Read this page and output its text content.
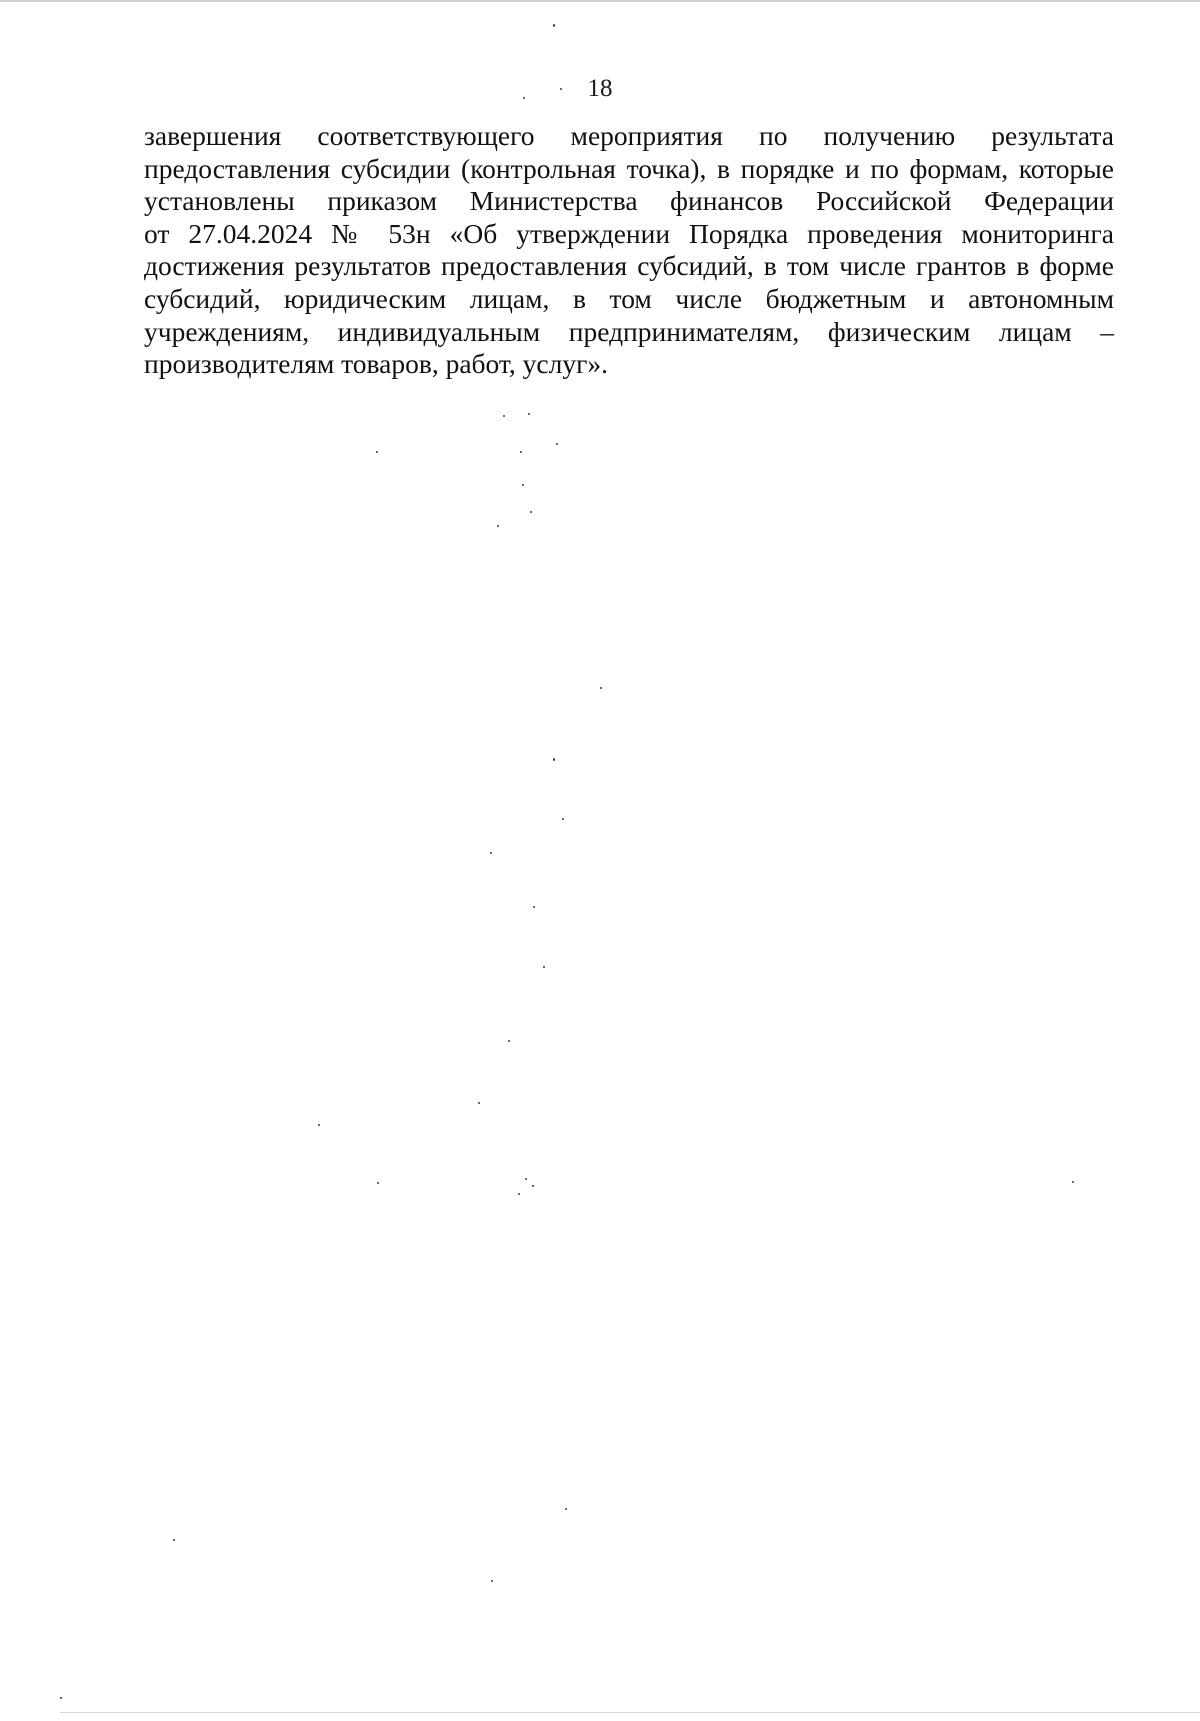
18
завершения соответствующего мероприятия по получению результата
предоставления субсидии (контрольная точка), в порядке и по формам, которые
установлены приказом Министерства финансов Российской Федерации
от 27.04.2024 № 53н «Об утверждении Порядка проведения мониторинга
достижения результатов предоставления субсидий, в том числе грантов в форме
субсидий, юридическим лицам, в том числе бюджетным и автономным
учреждениям, индивидуальным предпринимателям, физическим лицам –
производителям товаров, работ, услуг».
